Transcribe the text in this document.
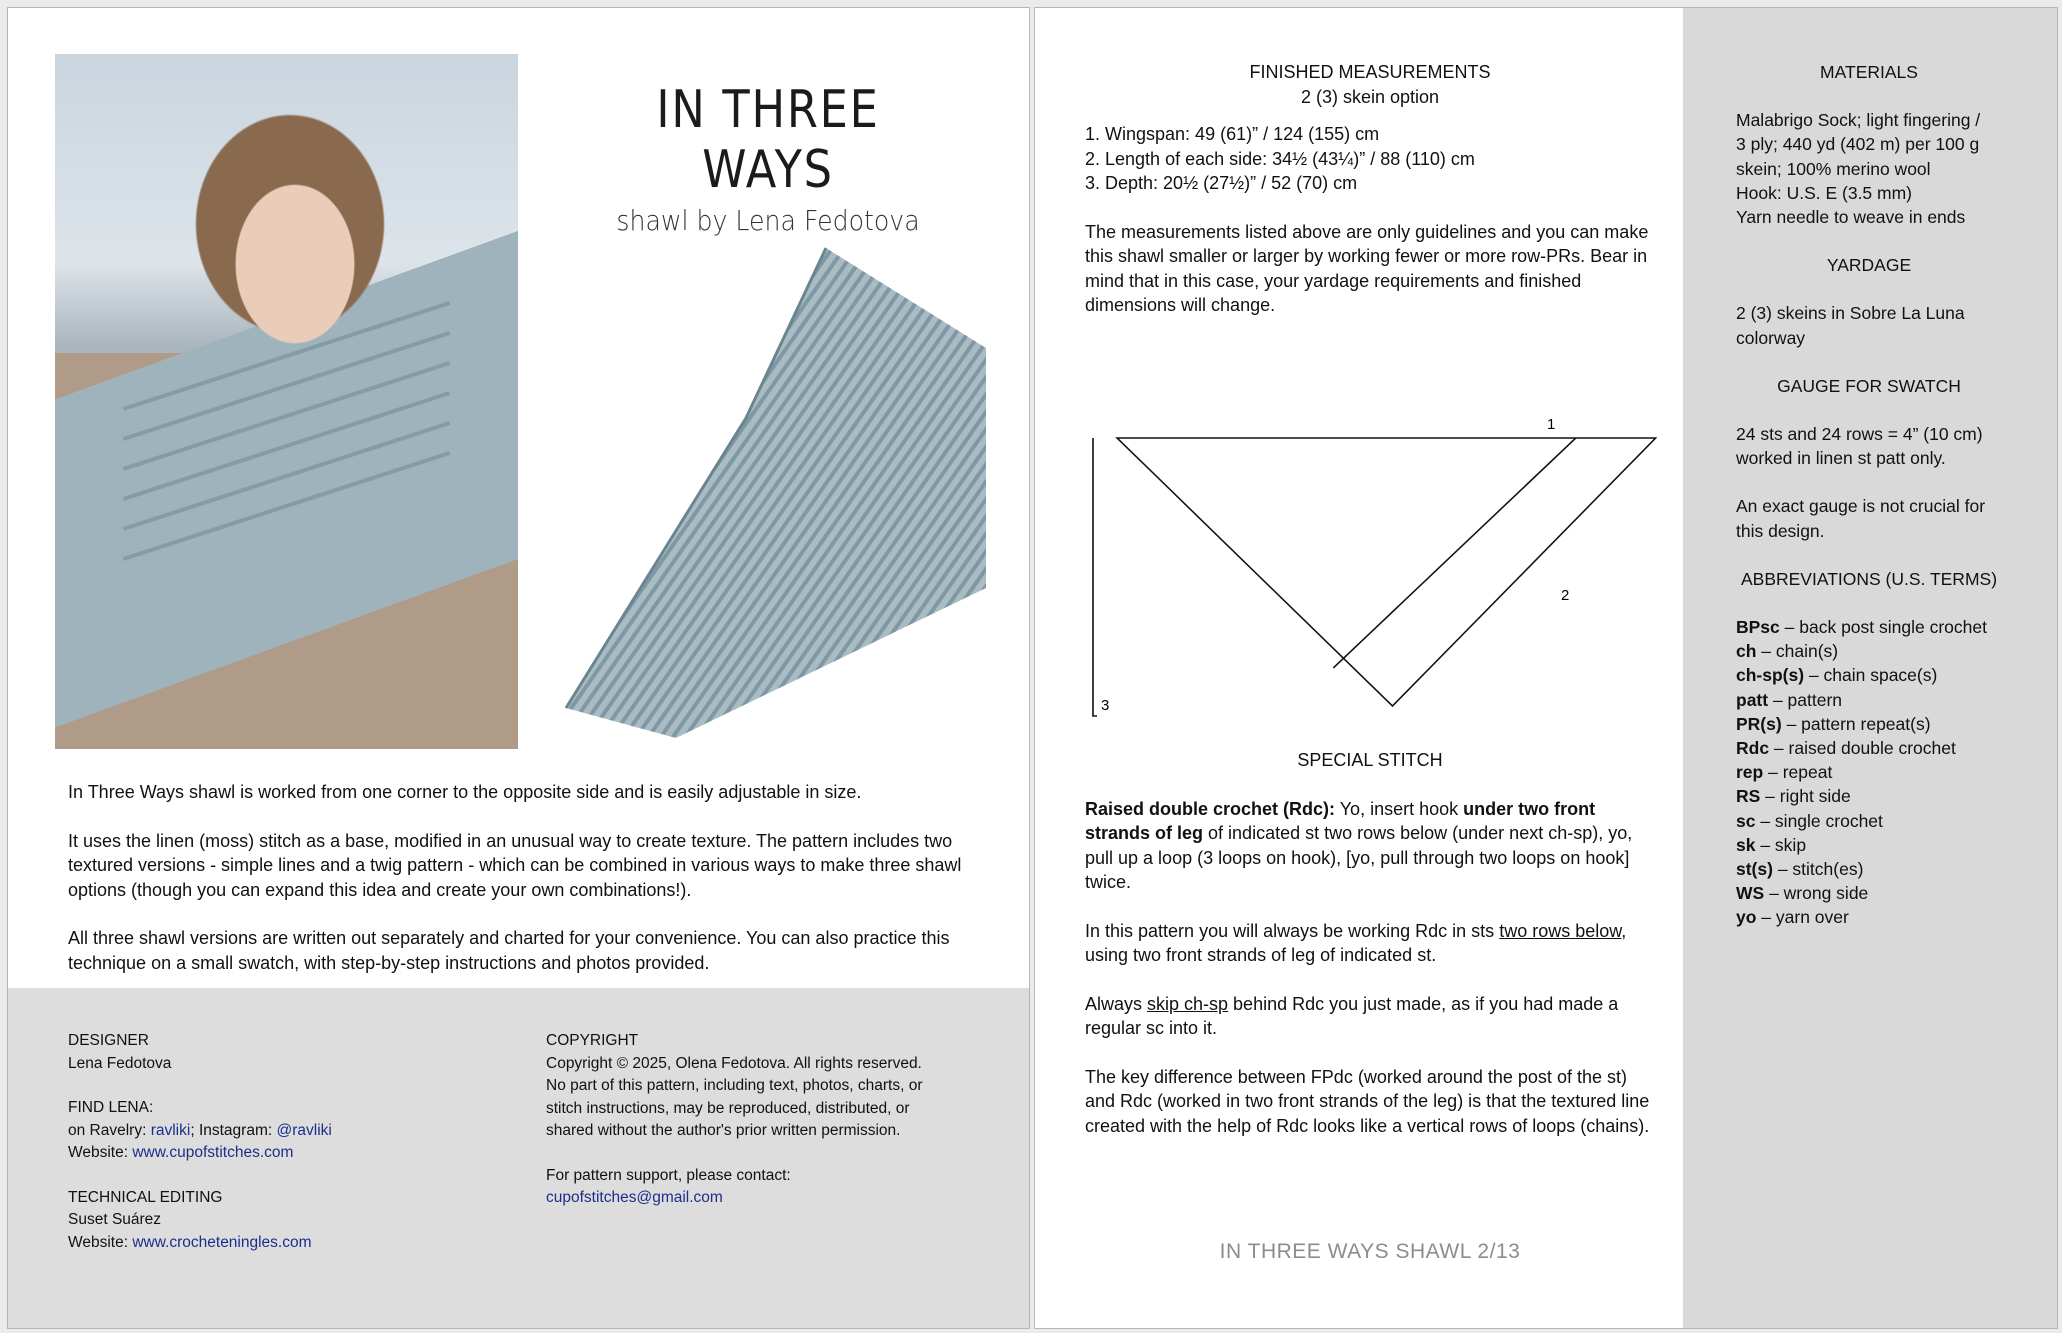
IN THREE WAYS
shawl by Lena Fedotova

In Three Ways shawl is worked from one corner to the opposite side and is easily adjustable in size.

It uses the linen (moss) stitch as a base, modified in an unusual way to create texture. The pattern includes two textured versions - simple lines and a twig pattern - which can be combined in various ways to make three shawl options (though you can expand this idea and create your own combinations!).

All three shawl versions are written out separately and charted for your convenience. You can also practice this technique on a small swatch, with step-by-step instructions and photos provided.

DESIGNER
Lena Fedotova
FIND LENA:
on Ravelry: ravliki; Instagram: @ravliki
Website: www.cupofstitches.com
TECHNICAL EDITING
Suset Suárez
Website: www.crocheteningles.com
COPYRIGHT
Copyright © 2025, Olena Fedotova. All rights reserved.
No part of this pattern, including text, photos, charts, or
stitch instructions, may be reproduced, distributed, or
shared without the author's prior written permission.
For pattern support, please contact:
cupofstitches@gmail.com
FINISHED MEASUREMENTS
2 (3) skein option
1. Wingspan: 49 (61)” / 124 (155) cm
2. Length of each side: 34½ (43¼)” / 88 (110) cm
3. Depth: 20½ (27½)” / 52 (70) cm
The measurements listed above are only guidelines and you can make this shawl smaller or larger by working fewer or more row-PRs. Bear in mind that in this case, your yardage requirements and finished dimensions will change.
1
2
3
SPECIAL STITCH

Raised double crochet (Rdc): Yo, insert hook under two front strands of leg of indicated st two rows below (under next ch-sp), yo, pull up a loop (3 loops on hook), [yo, pull through two loops on hook] twice.

In this pattern you will always be working Rdc in sts two rows below, using two front strands of leg of indicated st.

Always skip ch-sp behind Rdc you just made, as if you had made a regular sc into it.

The key difference between FPdc (worked around the post of the st) and Rdc (worked in two front strands of the leg) is that the textured line created with the help of Rdc looks like a vertical rows of loops (chains).

IN THREE WAYS SHAWL 2/13
MATERIALS
Malabrigo Sock; light fingering /
3 ply; 440 yd (402 m) per 100 g
skein; 100% merino wool
Hook: U.S. E (3.5 mm)
Yarn needle to weave in ends
YARDAGE
2 (3) skeins in Sobre La Luna
colorway
GAUGE FOR SWATCH
24 sts and 24 rows = 4” (10 cm)
worked in linen st patt only.
An exact gauge is not crucial for
this design.
ABBREVIATIONS (U.S. TERMS)
BPsc – back post single crochet
ch – chain(s)
ch-sp(s) – chain space(s)
patt – pattern
PR(s) – pattern repeat(s)
Rdc – raised double crochet
rep – repeat
RS – right side
sc – single crochet
sk – skip
st(s) – stitch(es)
WS – wrong side
yo – yarn over
